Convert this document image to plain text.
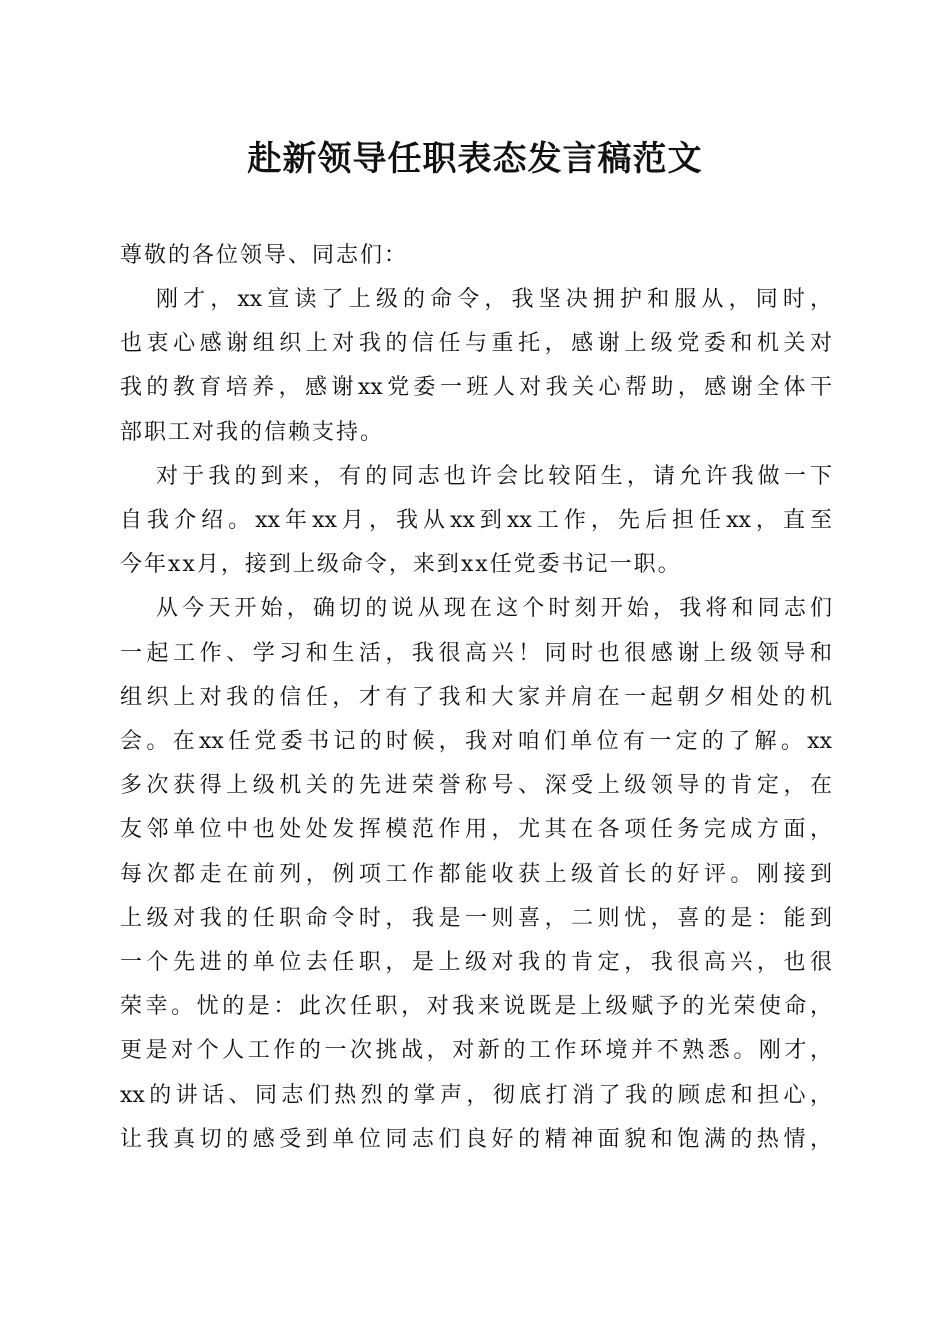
赴新领导任职表态发言稿范文

尊敬的各位领导、同志们：

刚才，xx宣读了上级的命令，我坚决拥护和服从，同时，
也衷心感谢组织上对我的信任与重托，感谢上级党委和机关对
我的教育培养，感谢xx党委一班人对我关心帮助，感谢全体干
部职工对我的信赖支持。

对于我的到来，有的同志也许会比较陌生，请允许我做一下
自我介绍。xx年xx月，我从xx到xx工作，先后担任xx，直至
今年xx月，接到上级命令，来到xx任党委书记一职。

从今天开始，确切的说从现在这个时刻开始，我将和同志们
一起工作、学习和生活，我很高兴！同时也很感谢上级领导和
组织上对我的信任，才有了我和大家并肩在一起朝夕相处的机
会。在xx任党委书记的时候，我对咱们单位有一定的了解。xx
多次获得上级机关的先进荣誉称号、深受上级领导的肯定，在
友邻单位中也处处发挥模范作用，尤其在各项任务完成方面，
每次都走在前列，例项工作都能收获上级首长的好评。刚接到
上级对我的任职命令时，我是一则喜，二则忧，喜的是：能到
一个先进的单位去任职，是上级对我的肯定，我很高兴，也很
荣幸。忧的是：此次任职，对我来说既是上级赋予的光荣使命，
更是对个人工作的一次挑战，对新的工作环境并不熟悉。刚才，
xx的讲话、同志们热烈的掌声，彻底打消了我的顾虑和担心，
让我真切的感受到单位同志们良好的精神面貌和饱满的热情，
